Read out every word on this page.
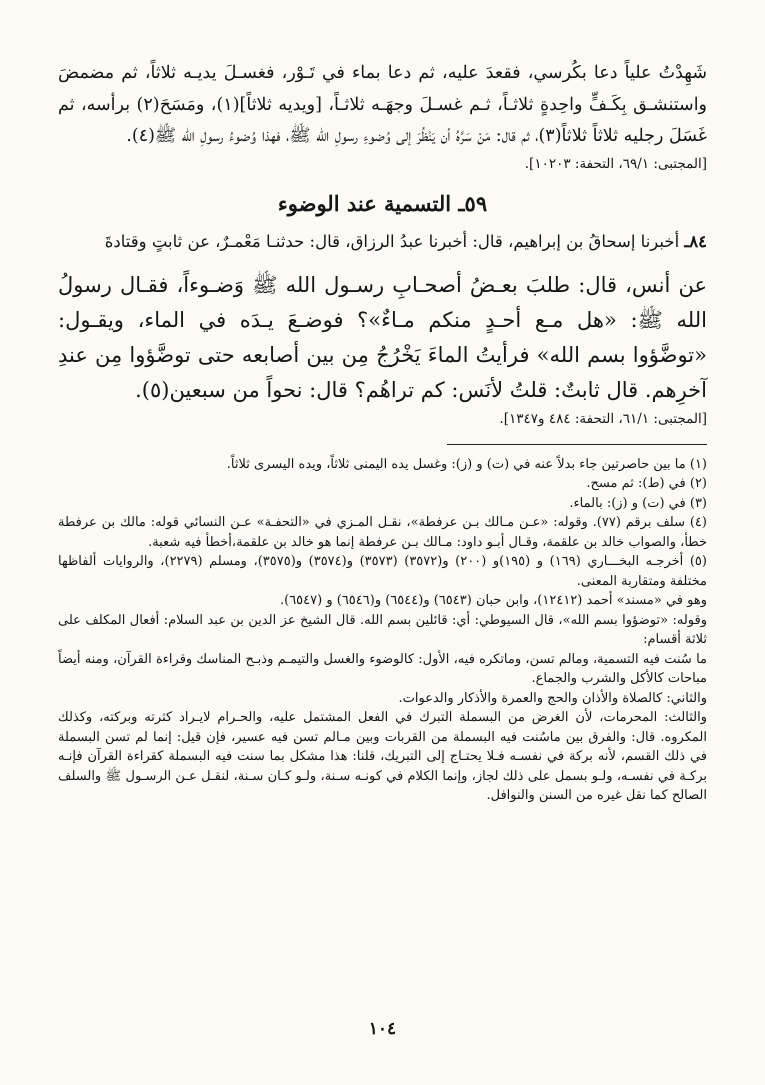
شَهِدْتُ علياً دعا بكُرسي، فقعدَ عليه، ثم دعا بماء في تَـوْر، فغسـلَ يديـه ثلاثاً، ثم مضمضَ واستنشـق بِكَـفٍّ واحِدةٍ ثلاثـاً، ثـم غسـلَ وجهَـه ثلاثـاً، [ويديه ثلاثاً](١)، ومَسَحَ(٢) برأسه، ثم غَسَلَ رجليه ثلاثاً ثلاثاً(٣)، ثم قال: مَنْ سَرَّهُ أن يَنْظُرَ إلى وُضوءِ رسولِ الله ﷺ، فهذا وُضوءُ رسولِ الله ﷺ(٤).

[المجتبى: ٦٩/١، التحفة: ١٠٢٠٣].

٥٩ـ التسمية عند الوضوء

٨٤ـ أخبرنا إسحاقُ بن إبراهيم، قال: أخبرنا عبدُ الرزاق، قال: حدثنـا مَعْمـرٌ، عن ثابتٍ وقتادةَ

عن أنس، قال: طلبَ بعـضُ أصحـابِ رسـول الله ﷺ وَضـوءاً، فقـال رسولُ الله ﷺ: «هل مـع أحـدٍ منكم مـاءٌ»؟ فوضـعَ يـدَه في الماء، ويقـول: «توضَّؤوا بسم الله» فرأيتُ الماءَ يَخْرُجُ مِن بين أصابعه حتى توضَّؤوا مِن عندِ آخرِهم. قال ثابتٌ: قلتُ لأنَس: كم تراهُم؟ قال: نحواً من سبعين(٥).

[المجتبى: ٦١/١، التحفة: ٤٨٤ و١٣٤٧].

(١) ما بين حاصرتين جاء بدلاً عنه في (ت) و (ز): وغسل يده اليمنى ثلاثاً، ويده اليسرى ثلاثاً.

(٢) في (ط): ثم مسح.

(٣) في (ت) و (ز): بالماء.

(٤) سلف برقم (٧٧). وقوله: «عـن مـالك بـن عرفطة»، نقـل المـزي في «التحفـة» عـن النسائي قوله: مالك بن عرفطة خطأ، والصواب خالد بن علقمة، وقـال أبـو داود: مـالك بـن عرفطة إنما هو خالد بن علقمة،أخطأ فيه شعبة.

(٥) أخرجـه البخـــاري (١٦٩) و (١٩٥)و (٢٠٠) و(٣٥٧٢) (٣٥٧٣) و(٣٥٧٤) و(٣٥٧٥)، ومسلم (٢٢٧٩)، والروايات ألفاظها مختلفة ومتقاربة المعنى.

وهو في «مسند» أحمد (١٢٤١٢)، وابن حبان (٦٥٤٣) و(٦٥٤٤) و(٦٥٤٦) و (٦٥٤٧).

وقوله: «توضؤوا بسم الله»، قال السيوطي: أي: قائلين بسم الله. قال الشيخ عز الدين بن عبد السلام: أفعال المكلف على ثلاثة أقسام:

ما سُنت فيه التسمية، ومالم تسن، وماتكره فيه، الأول: كالوضوء والغسل والتيمـم وذبـح المناسك وقراءة القرآن، ومنه أيضاً مباحات كالأكل والشرب والجماع.

والثاني: كالصلاة والأذان والحج والعمرة والأذكار والدعوات.

والثالث: المحرمات، لأن الغرض من البسملة التبرك في الفعل المشتمل عليه، والحـرام لايـراد كثرته وبركته، وكذلك المكروه. قال: والفرق بين ماسُنت فيه البسملة من القربات وبين مـالم تسن فيه عسير، فإن قيل: إنما لم تسن البسملة في ذلك القسم، لأنه بركة في نفسـه فـلا يحتـاج إلى التبريك، قلنا: هذا مشكل بما سنت فيه البسملة كقراءة القرآن فإنـه بركـة في نفسـه، ولـو بسمل على ذلك لجاز، وإنما الكلام في كونـه سـنة، ولـو كـان سـنة، لنقـل عـن الرسـول ﷺ والسلف الصالح كما نقل غيره من السنن والنوافل.

١٠٤
